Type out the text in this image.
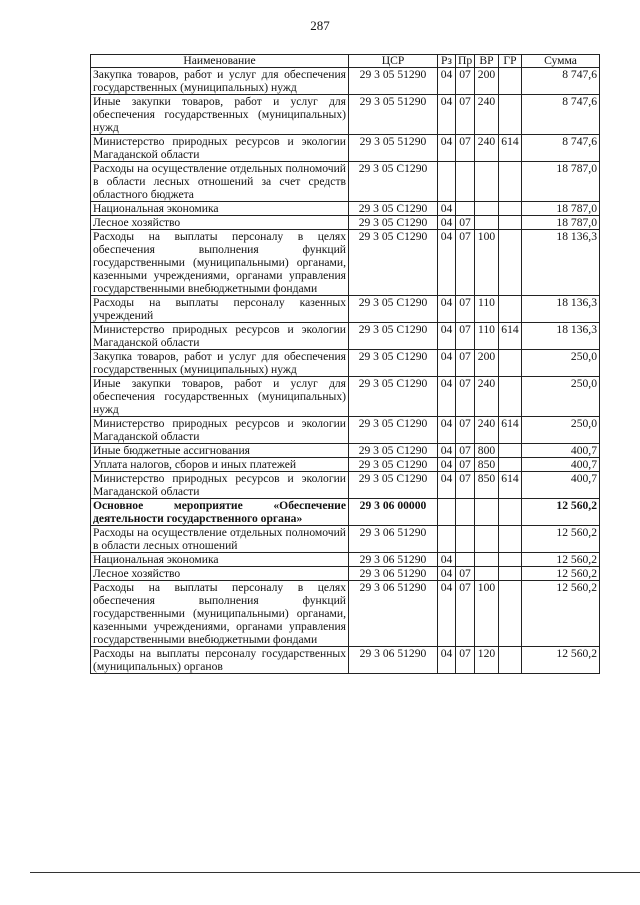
287
Наименование	ЦСР	Рз	Пр	ВР	ГР	Сумма
Закупка товаров, работ и услуг для обеспечения государственных (муниципальных) нужд	29 3 05 51290	04	07	200		8 747,6
Иные закупки товаров, работ и услуг для обеспечения государственных (муниципальных) нужд	29 3 05 51290	04	07	240		8 747,6
Министерство природных ресурсов и экологии Магаданской области	29 3 05 51290	04	07	240	614	8 747,6
Расходы на осуществление отдельных полномочий в области лесных отношений за счет средств областного бюджета	29 3 05 С1290					18 787,0
Национальная экономика	29 3 05 С1290	04				18 787,0
Лесное хозяйство	29 3 05 С1290	04	07			18 787,0
Расходы на выплаты персоналу в целях обеспечения выполнения функций государственными (муниципальными) органами, казенными учреждениями, органами управления государственными внебюджетными фондами	29 3 05 С1290	04	07	100		18 136,3
Расходы на выплаты персоналу казенных учреждений	29 3 05 С1290	04	07	110		18 136,3
Министерство природных ресурсов и экологии Магаданской области	29 3 05 С1290	04	07	110	614	18 136,3
Закупка товаров, работ и услуг для обеспечения государственных (муниципальных) нужд	29 3 05 С1290	04	07	200		250,0
Иные закупки товаров, работ и услуг для обеспечения государственных (муниципальных) нужд	29 3 05 С1290	04	07	240		250,0
Министерство природных ресурсов и экологии Магаданской области	29 3 05 С1290	04	07	240	614	250,0
Иные бюджетные ассигнования	29 3 05 С1290	04	07	800		400,7
Уплата налогов, сборов и иных платежей	29 3 05 С1290	04	07	850		400,7
Министерство природных ресурсов и экологии Магаданской области	29 3 05 С1290	04	07	850	614	400,7
Основное мероприятие «Обеспечение деятельности государственного органа»	29 3 06 00000					12 560,2
Расходы на осуществление отдельных полномочий в области лесных отношений	29 3 06 51290					12 560,2
Национальная экономика	29 3 06 51290	04				12 560,2
Лесное хозяйство	29 3 06 51290	04	07			12 560,2
Расходы на выплаты персоналу в целях обеспечения выполнения функций государственными (муниципальными) органами, казенными учреждениями, органами управления государственными внебюджетными фондами	29 3 06 51290	04	07	100		12 560,2
Расходы на выплаты персоналу государственных (муниципальных) органов	29 3 06 51290	04	07	120		12 560,2
